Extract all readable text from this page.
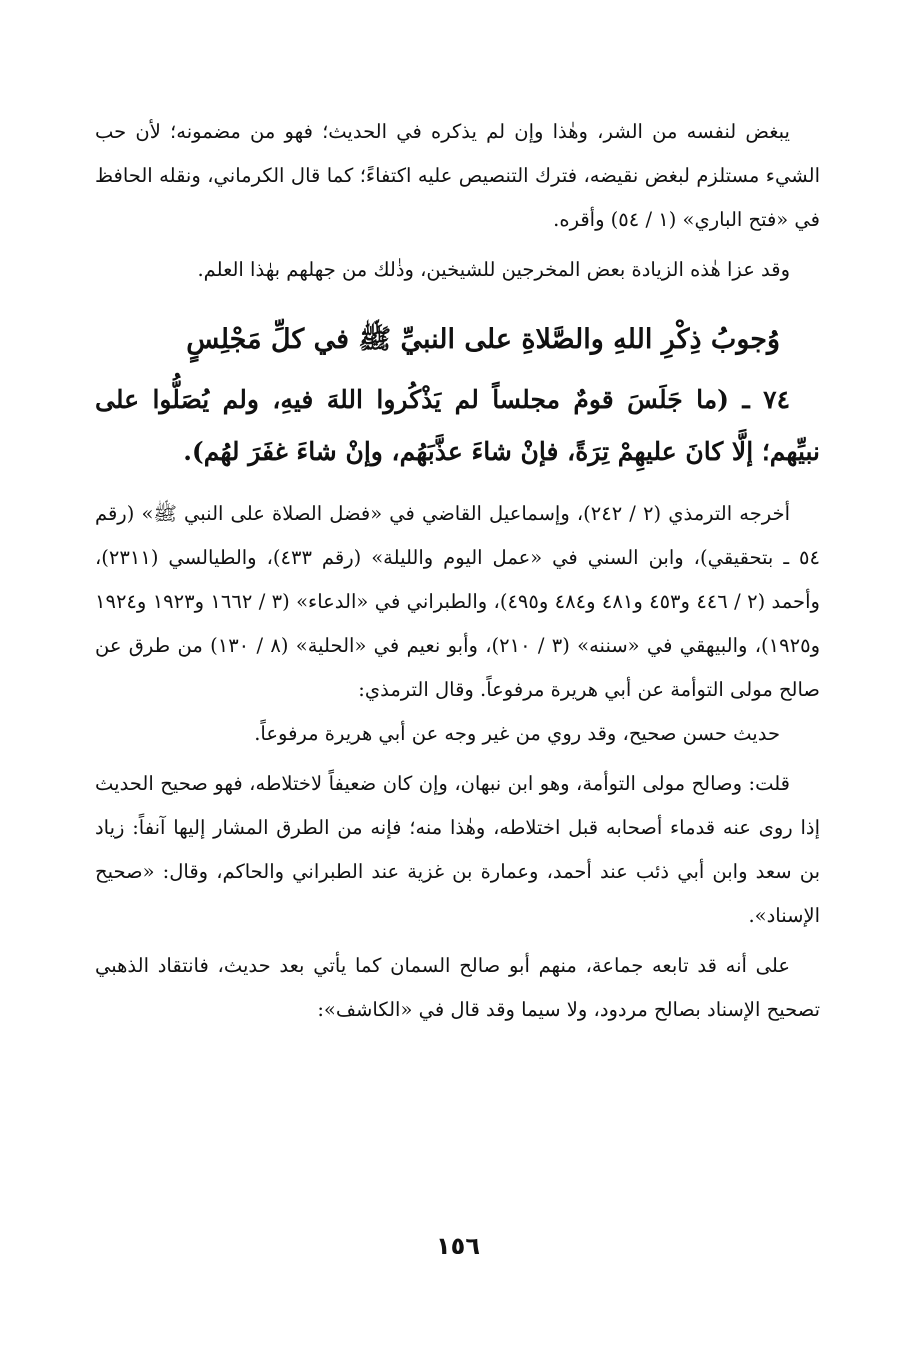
يبغض لنفسه من الشر، وهٰذا وإن لم يذكره في الحديث؛ فهو من مضمونه؛ لأن حب الشيء مستلزم لبغض نقيضه، فترك التنصيص عليه اكتفاءً؛ كما قال الكرماني، ونقله الحافظ في «فتح الباري» (١ / ٥٤) وأقره.

وقد عزا هٰذه الزيادة بعض المخرجين للشيخين، وذٰلك من جهلهم بهٰذا العلم.

وُجوبُ ذِكْرِ اللهِ والصَّلاةِ على النبيِّ ﷺ في كلِّ مَجْلِسٍ

٧٤ ـ (ما جَلَسَ قومٌ مجلساً لم يَذْكُروا اللهَ فيهِ، ولم يُصَلُّوا على نبيِّهم؛ إلَّا كانَ عليهِمْ تِرَةً، فإنْ شاءَ عذَّبَهُم، وإنْ شاءَ غفَرَ لهُم).

أخرجه الترمذي (٢ / ٢٤٢)، وإسماعيل القاضي في «فضل الصلاة على النبي ﷺ» (رقم ٥٤ ـ بتحقيقي)، وابن السني في «عمل اليوم والليلة» (رقم ٤٣٣)، والطيالسي (٢٣١١)، وأحمد (٢ / ٤٤٦ و٤٥٣ و٤٨١ و٤٨٤ و٤٩٥)، والطبراني في «الدعاء» (٣ / ١٦٦٢ و١٩٢٣ و١٩٢٤ و١٩٢٥)، والبيهقي في «سننه» (٣ / ٢١٠)، وأبو نعيم في «الحلية» (٨ / ١٣٠) من طرق عن صالح مولى التوأمة عن أبي هريرة مرفوعاً. وقال الترمذي:

حديث حسن صحيح، وقد روي من غير وجه عن أبي هريرة مرفوعاً.

قلت: وصالح مولى التوأمة، وهو ابن نبهان، وإن كان ضعيفاً لاختلاطه، فهو صحيح الحديث إذا روى عنه قدماء أصحابه قبل اختلاطه، وهٰذا منه؛ فإنه من الطرق المشار إليها آنفاً: زياد بن سعد وابن أبي ذئب عند أحمد، وعمارة بن غزية عند الطبراني والحاكم، وقال: «صحيح الإسناد».

على أنه قد تابعه جماعة، منهم أبو صالح السمان كما يأتي بعد حديث، فانتقاد الذهبي تصحيح الإسناد بصالح مردود، ولا سيما وقد قال في «الكاشف»:

١٥٦
